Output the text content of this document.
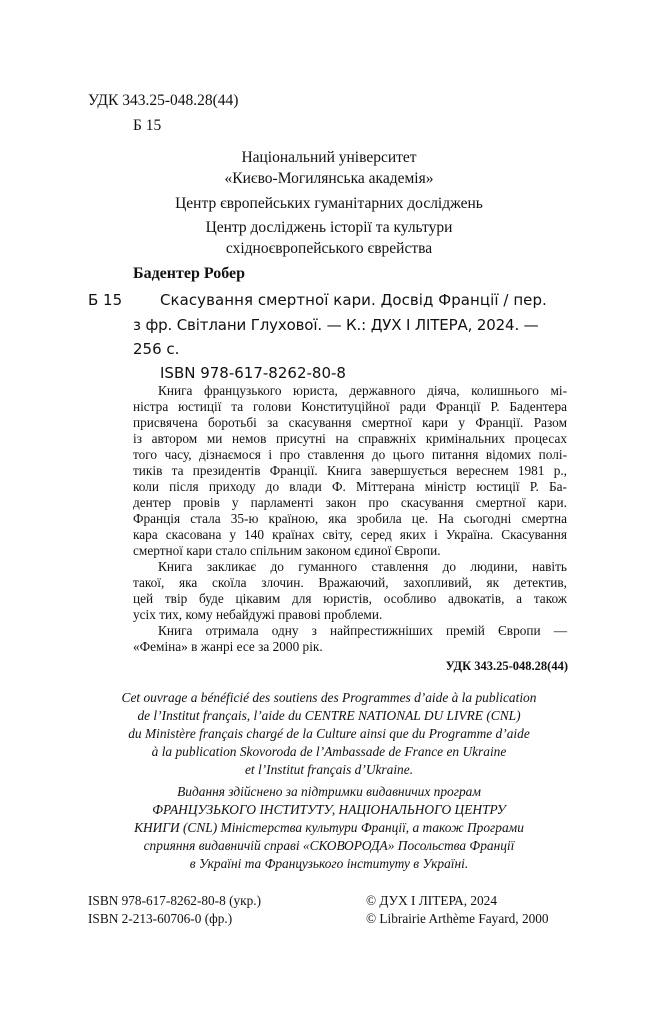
УДК 343.25-048.28(44)
Б 15
Національний університет
«Києво-Могилянська академія»
Центр європейських гуманітарних досліджень
Центр досліджень історії та культури
східноєвропейського єврейства
Бадентер Робер
Б 15	Скасування смертної кари. Досвід Франції / пер.
з фр. Світлани Глухової. — К.: ДУХ І ЛІТЕРА, 2024. —
256 с.
ISBN 978-617-8262-80-8

Книга французького юриста, державного діяча, колишнього мі-

ністра юстиції та голови Конституційної ради Франції Р. Бадентера

присвячена боротьбі за скасування смертної кари у Франції. Разом

із автором ми немов присутні на справжніх кримінальних процесах

того часу, дізнаємося і про ставлення до цього питання відомих полі-

тиків та президентів Франції. Книга завершується вереснем 1981 р.,

коли після приходу до влади Ф. Міттерана міністр юстиції Р. Ба-

дентер провів у парламенті закон про скасування смертної кари.

Франція стала 35-ю країною, яка зробила це. На сьогодні смертна

кара скасована у 140 країнах світу, серед яких і Україна. Скасування

смертної кари стало спільним законом єдиної Європи.

Книга закликає до гуманного ставлення до людини, навіть

такої, яка скоїла злочин. Вражаючий, захопливий, як детектив,

цей твір буде цікавим для юристів, особливо адвокатів, а також

усіх тих, кому небайдужі правові проблеми.

Книга отримала одну з найпрестижніших премій Європи —

«Феміна» в жанрі есе за 2000 рік.

УДК 343.25-048.28(44)
Cet ouvrage a bénéficié des soutiens des Programmes d’aide à la publication
de l’Institut français, l’aide du CENTRE NATIONAL DU LIVRE (CNL)
du Ministère français chargé de la Culture ainsi que du Programme d’aide
à la publication Skovoroda de l’Ambassade de France en Ukraine
et l’Institut français d’Ukraine.
Видання здійснено за підтримки видавничих програм
ФРАНЦУЗЬКОГО ІНСТИТУТУ, НАЦІОНАЛЬНОГО ЦЕНТРУ
КНИГИ (CNL) Міністерства культури Франції, а також Програми
сприяння видавничій справі «СКОВОРОДА» Посольства Франції
в Україні та Французького інституту в Україні.
ISBN 978-617-8262-80-8 (укр.)
ISBN 2-213-60706-0 (фр.)
© ДУХ І ЛІТЕРА, 2024
© Librairie Arthème Fayard, 2000
